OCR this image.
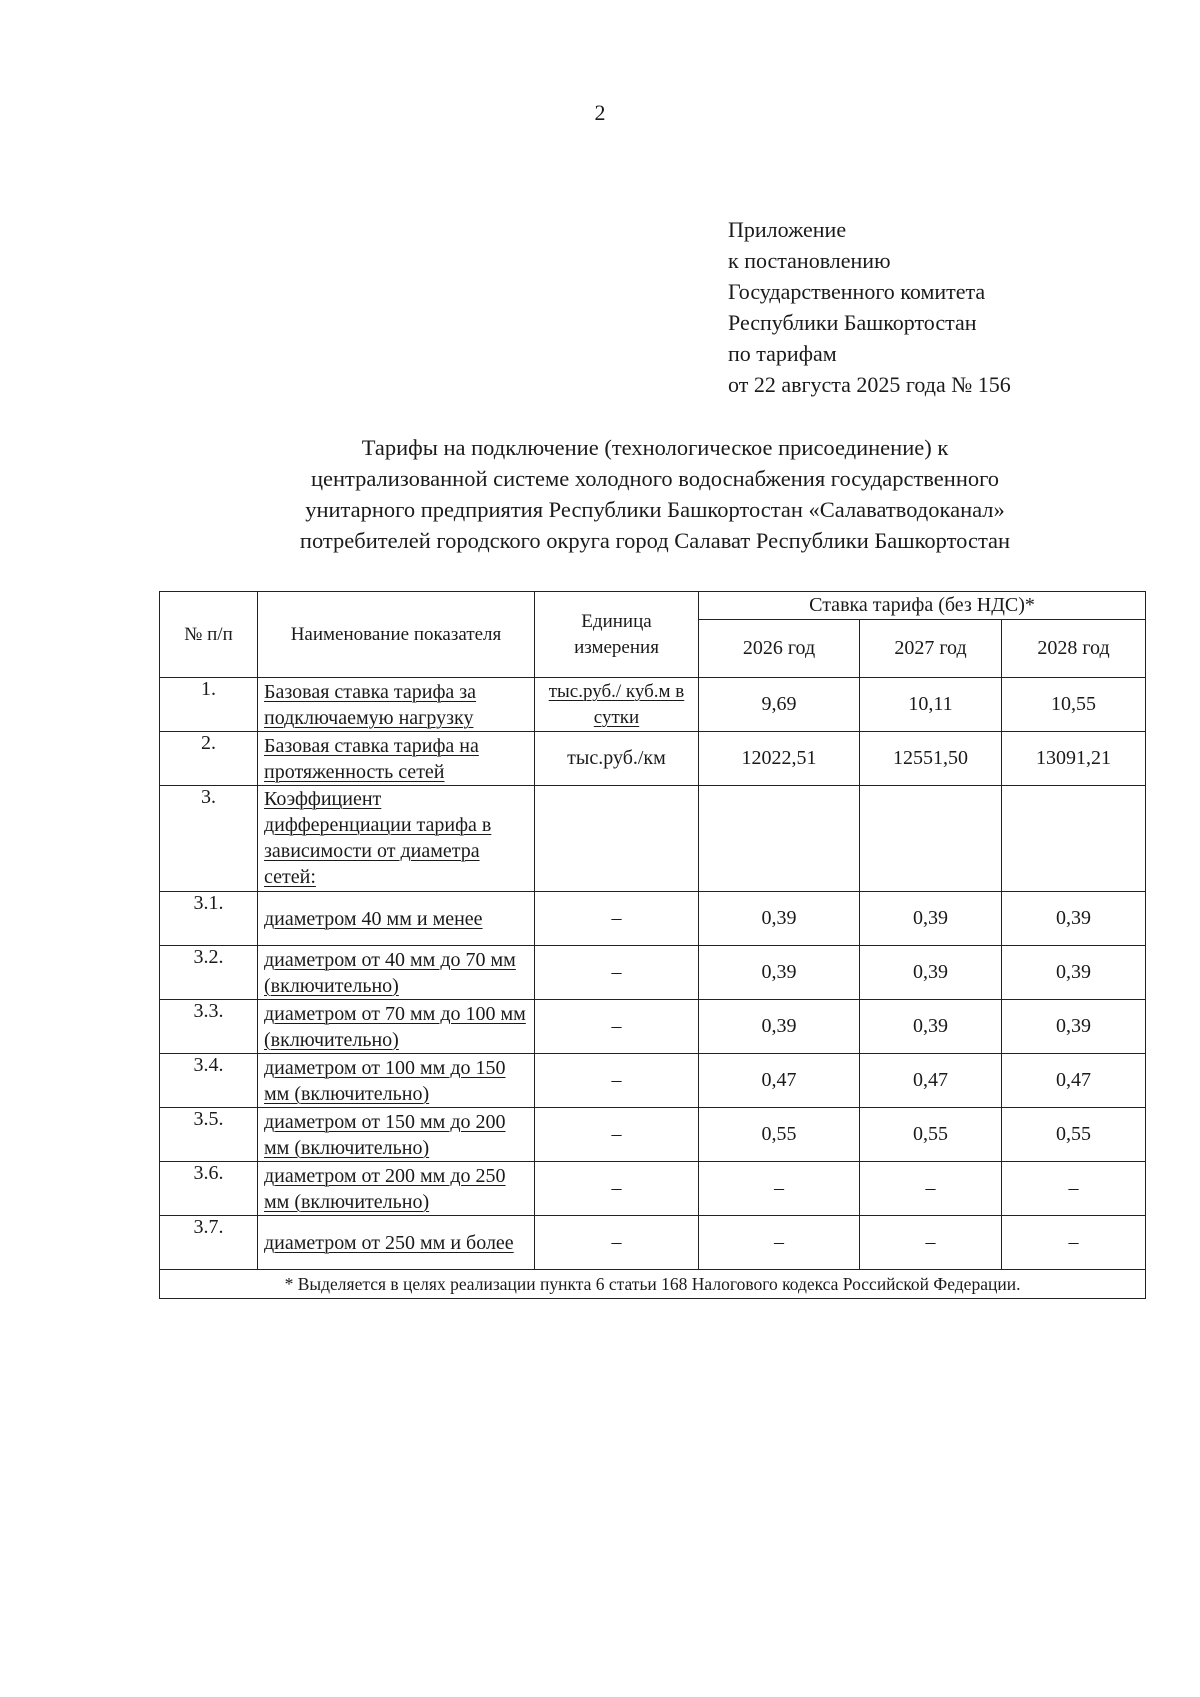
2
Приложение
к постановлению
Государственного комитета
Республики Башкортостан
по тарифам
от 22 августа 2025 года № 156
Тарифы на подключение (технологическое присоединение) к
централизованной системе холодного водоснабжения государственного
унитарного предприятия Республики Башкортостан «Салаватводоканал»
потребителей городского округа город Салават Республики Башкортостан
№ п/п	Наименование показателя	Единица измерения	Ставка тарифа (без НДС)*		
			2026 год	2027 год	2028 год
1.	Базовая ставка тарифа за подключаемую нагрузку	тыс.руб./ куб.м в сутки	9,69	10,11	10,55
2.	Базовая ставка тарифа на протяженность сетей	тыс.руб./км	12022,51	12551,50	13091,21
3.	Коэффициент дифференциации тарифа в зависимости от диаметра сетей:				
3.1.	диаметром 40 мм и менее	–	0,39	0,39	0,39
3.2.	диаметром от 40 мм до 70 мм (включительно)	–	0,39	0,39	0,39
3.3.	диаметром от 70 мм до 100 мм (включительно)	–	0,39	0,39	0,39
3.4.	диаметром от 100 мм до 150 мм (включительно)	–	0,47	0,47	0,47
3.5.	диаметром от 150 мм до 200 мм (включительно)	–	0,55	0,55	0,55
3.6.	диаметром от 200 мм до 250 мм (включительно)	–	–	–	–
3.7.	диаметром от 250 мм и более	–	–	–	–
* Выделяется в целях реализации пункта 6 статьи 168 Налогового кодекса Российской Федерации.					
